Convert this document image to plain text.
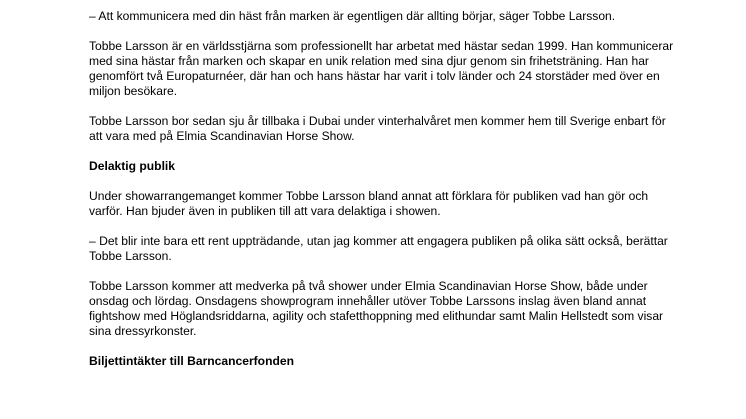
– Att kommunicera med din häst från marken är egentligen där allting börjar, säger Tobbe Larsson.

Tobbe Larsson är en världsstjärna som professionellt har arbetat med hästar sedan 1999. Han kommunicerar med sina hästar från marken och skapar en unik relation med sina djur genom sin frihetsträning. Han har genomfört två Europaturnéer, där han och hans hästar har varit i tolv länder och 24 storstäder med över en miljon besökare.

Tobbe Larsson bor sedan sju år tillbaka i Dubai under vinterhalvåret men kommer hem till Sverige enbart för att vara med på Elmia Scandinavian Horse Show.

Delaktig publik

Under showarrangemanget kommer Tobbe Larsson bland annat att förklara för publiken vad han gör och varför. Han bjuder även in publiken till att vara delaktiga i showen.

– Det blir inte bara ett rent uppträdande, utan jag kommer att engagera publiken på olika sätt också, berättar Tobbe Larsson.

Tobbe Larsson kommer att medverka på två shower under Elmia Scandinavian Horse Show, både under onsdag och lördag. Onsdagens showprogram innehåller utöver Tobbe Larssons inslag även bland annat fightshow med Höglandsriddarna, agility och stafetthoppning med elithundar samt Malin Hellstedt som visar sina dressyrkonster.

Biljettintäkter till Barncancerfonden
